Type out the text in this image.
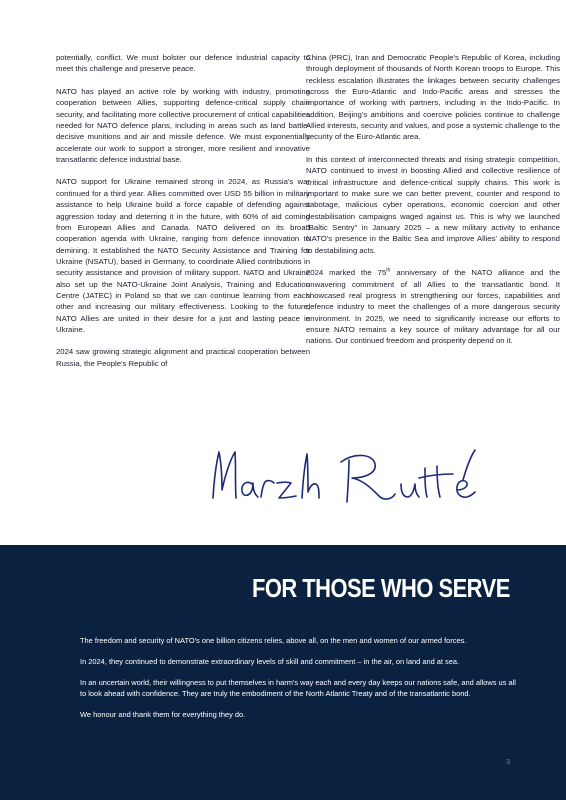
potentially, conflict. We must bolster our defence industrial capacity to meet this challenge and preserve peace.

NATO has played an active role by working with industry, promoting cooperation between Allies, supporting defence-critical supply chain security, and facilitating more collective procurement of critical capabilities needed for NATO defence plans, including in areas such as land battle-decisive munitions and air and missile defence. We must exponentially accelerate our work to support a stronger, more resilient and innovative transatlantic defence industrial base.

NATO support for Ukraine remained strong in 2024, as Russia's war continued for a third year. Allies committed over USD 55 billion in military assistance to help Ukraine build a force capable of defending against aggression today and deterring it in the future, with 60% of aid coming from European Allies and Canada. NATO delivered on its broad cooperation agenda with Ukraine, ranging from defence innovation to demining. It established the NATO Security Assistance and Training for Ukraine (NSATU), based in Germany, to coordinate Allied contributions in security assistance and provision of military support. NATO and Ukraine also set up the NATO-Ukraine Joint Analysis, Training and Education Centre (JATEC) in Poland so that we can continue learning from each other and increasing our military effectiveness. Looking to the future, NATO Allies are united in their desire for a just and lasting peace in Ukraine.

2024 saw growing strategic alignment and practical cooperation between Russia, the People's Republic of

China (PRC), Iran and Democratic People's Republic of Korea, including through deployment of thousands of North Korean troops to Europe. This reckless escalation illustrates the linkages between security challenges across the Euro-Atlantic and Indo-Pacific areas and stresses the importance of working with partners, including in the Indo-Pacific. In addition, Beijing's ambitions and coercive policies continue to challenge Allied interests, security and values, and pose a systemic challenge to the security of the Euro-Atlantic area.

In this context of interconnected threats and rising strategic competition, NATO continued to invest in boosting Allied and collective resilience of critical infrastructure and defence-critical supply chains. This work is important to make sure we can better prevent, counter and respond to sabotage, malicious cyber operations, economic coercion and other destabilisation campaigns waged against us. This is why we launched "Baltic Sentry" in January 2025 – a new military activity to enhance NATO's presence in the Baltic Sea and improve Allies' ability to respond to destabilising acts.

2024 marked the 75th anniversary of the NATO alliance and the unwavering commitment of all Allies to the transatlantic bond. It showcased real progress in strengthening our forces, capabilities and defence industry to meet the challenges of a more dangerous security environment. In 2025, we need to significantly increase our efforts to ensure NATO remains a key source of military advantage for all our nations. Our continued freedom and prosperity depend on it.

FOR THOSE WHO SERVE

The freedom and security of NATO's one billion citizens relies, above all, on the men and women of our armed forces.

In 2024, they continued to demonstrate extraordinary levels of skill and commitment – in the air, on land and at sea.

In an uncertain world, their willingness to put themselves in harm's way each and every day keeps our nations safe, and allows us all to look ahead with confidence. They are truly the embodiment of the North Atlantic Treaty and of the transatlantic bond.

We honour and thank them for everything they do.

3
